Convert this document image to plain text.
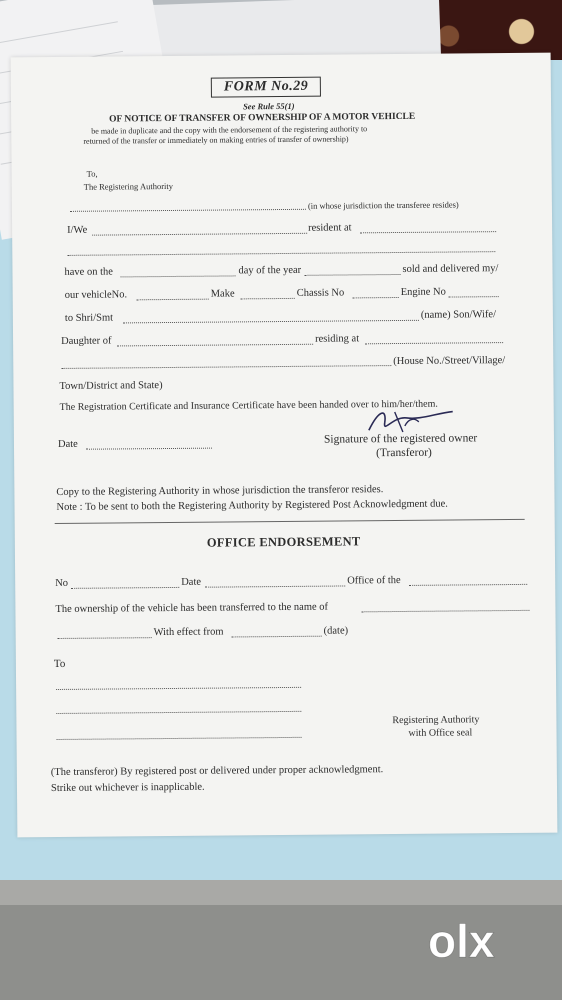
FORM No.29
See Rule 55(1)
OF NOTICE OF TRANSFER OF OWNERSHIP OF A MOTOR VEHICLE
be made in duplicate and the copy with the endorsement of the registering authority to
returned of the transfer or immediately on making entries of transfer of ownership)
To,
The Registering Authority
(in whose jurisdiction the transferee resides)
I/We	resident at
have on the	day of the year	sold and delivered my/
our vehicleNo.	Make	Chassis No	Engine No
to Shri/Smt	(name) Son/Wife/
Daughter of	residing at
(House No./Street/Village/
Town/District and State)
The Registration Certificate and Insurance Certificate have been handed over to him/her/them.
Date	Signature of the registered owner
(Transferor)
Copy to the Registering Authority in whose jurisdiction the transferor resides.
Note : To be sent to both the Registering Authority by Registered Post Acknowledgment due.
OFFICE ENDORSEMENT
No	Date	Office of the
The ownership of the vehicle has been transferred to the name of
With effect from	(date)
To
Registering Authority
with Office seal
(The transferor) By registered post or delivered under proper acknowledgment.
Strike out whichever is inapplicable.
olx
